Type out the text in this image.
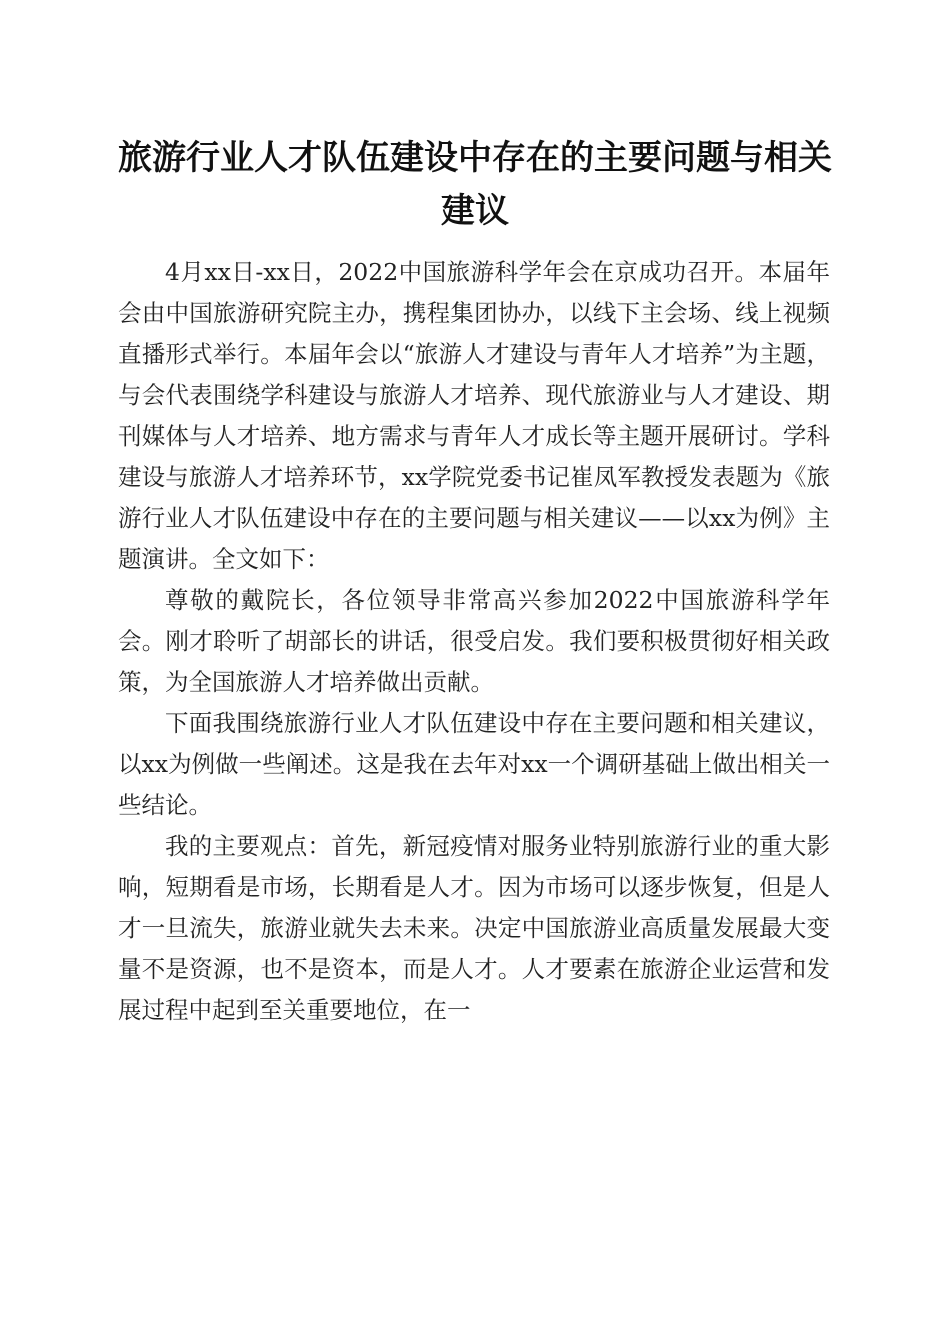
旅游行业人才队伍建设中存在的主要问题与相关建议

4月xx日-xx日，2022中国旅游科学年会在京成功召开。本届年会由中国旅游研究院主办，携程集团协办，以线下主会场、线上视频直播形式举行。本届年会以“旅游人才建设与青年人才培养”为主题，与会代表围绕学科建设与旅游人才培养、现代旅游业与人才建设、期刊媒体与人才培养、地方需求与青年人才成长等主题开展研讨。学科建设与旅游人才培养环节，xx学院党委书记崔凤军教授发表题为《旅游行业人才队伍建设中存在的主要问题与相关建议——以xx为例》主题演讲。全文如下：

尊敬的戴院长，各位领导非常高兴参加2022中国旅游科学年会。刚才聆听了胡部长的讲话，很受启发。我们要积极贯彻好相关政策，为全国旅游人才培养做出贡献。

下面我围绕旅游行业人才队伍建设中存在主要问题和相关建议，以xx为例做一些阐述。这是我在去年对xx一个调研基础上做出相关一些结论。

我的主要观点：首先，新冠疫情对服务业特别旅游行业的重大影响，短期看是市场，长期看是人才。因为市场可以逐步恢复，但是人才一旦流失，旅游业就失去未来。决定中国旅游业高质量发展最大变量不是资源，也不是资本，而是人才。人才要素在旅游企业运营和发展过程中起到至关重要地位，在一
